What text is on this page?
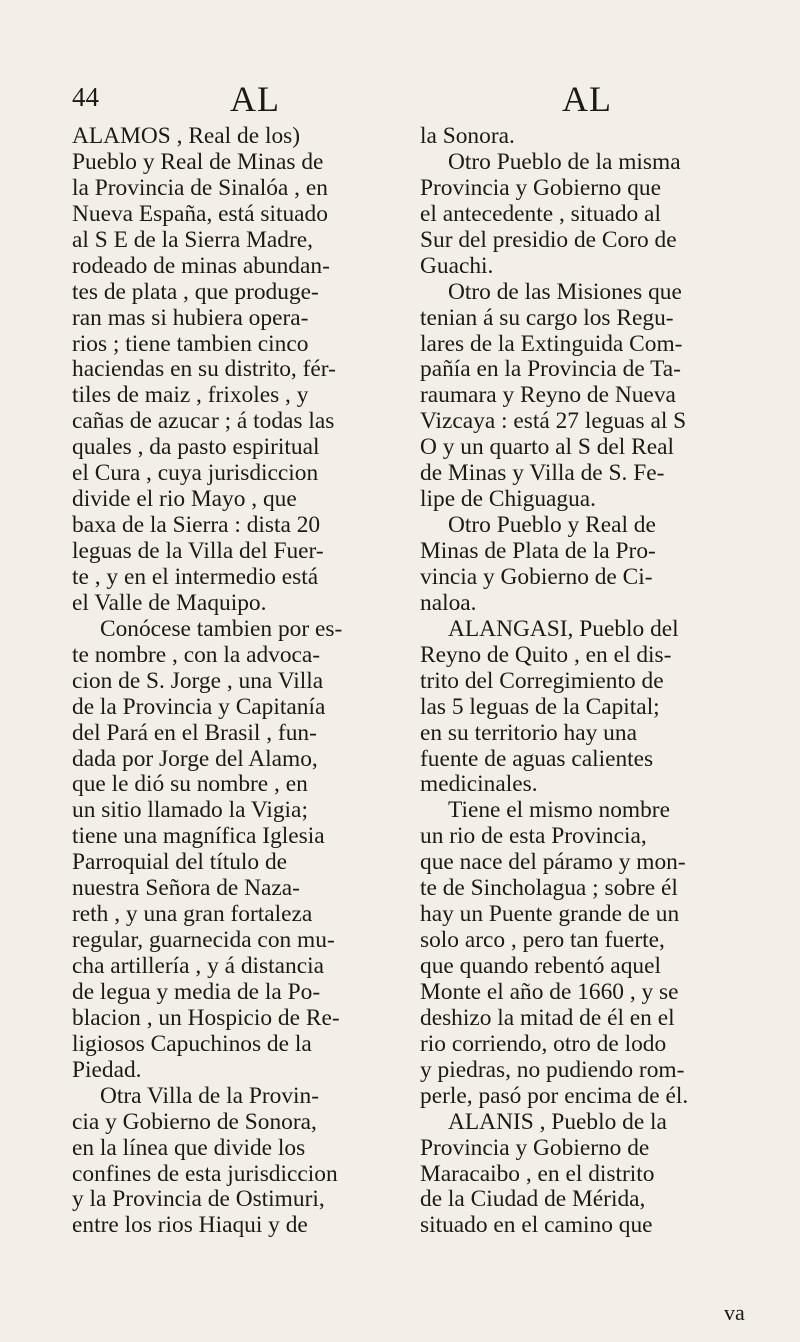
44	AL	AL
ALAMOS , Real de los)
Pueblo y Real de Minas de
la Provincia de Sinalóa , en
Nueva España, está situado
al S E de la Sierra Madre,
rodeado de minas abundan-
tes de plata , que produge-
ran mas si hubiera opera-
rios ; tiene tambien cinco
haciendas en su distrito, fér-
tiles de maiz , frixoles , y
cañas de azucar ; á todas las
quales , da pasto espiritual
el Cura , cuya jurisdiccion
divide el rio Mayo , que
baxa de la Sierra : dista 20
leguas de la Villa del Fuer-
te , y en el intermedio está
el Valle de Maquipo.
Conócese tambien por es-
te nombre , con la advoca-
cion de S. Jorge , una Villa
de la Provincia y Capitanía
del Pará en el Brasil , fun-
dada por Jorge del Alamo,
que le dió su nombre , en
un sitio llamado la Vigia;
tiene una magnífica Iglesia
Parroquial del título de
nuestra Señora de Naza-
reth , y una gran fortaleza
regular, guarnecida con mu-
cha artillería , y á distancia
de legua y media de la Po-
blacion , un Hospicio de Re-
ligiosos Capuchinos de la
Piedad.
Otra Villa de la Provin-
cia y Gobierno de Sonora,
en la línea que divide los
confines de esta jurisdiccion
y la Provincia de Ostimuri,
entre los rios Hiaqui y de
la Sonora.
Otro Pueblo de la misma
Provincia y Gobierno que
el antecedente , situado al
Sur del presidio de Coro de
Guachi.
Otro de las Misiones que
tenian á su cargo los Regu-
lares de la Extinguida Com-
pañía en la Provincia de Ta-
raumara y Reyno de Nueva
Vizcaya : está 27 leguas al S
O y un quarto al S del Real
de Minas y Villa de S. Fe-
lipe de Chiguagua.
Otro Pueblo y Real de
Minas de Plata de la Pro-
vincia y Gobierno de Ci-
naloa.
ALANGASI, Pueblo del
Reyno de Quito , en el dis-
trito del Corregimiento de
las 5 leguas de la Capital;
en su territorio hay una
fuente de aguas calientes
medicinales.
Tiene el mismo nombre
un rio de esta Provincia,
que nace del páramo y mon-
te de Sincholagua ; sobre él
hay un Puente grande de un
solo arco , pero tan fuerte,
que quando rebentó aquel
Monte el año de 1660 , y se
deshizo la mitad de él en el
rio corriendo, otro de lodo
y piedras, no pudiendo rom-
perle, pasó por encima de él.
ALANIS , Pueblo de la
Provincia y Gobierno de
Maracaibo , en el distrito
de la Ciudad de Mérida,
situado en el camino que
va
